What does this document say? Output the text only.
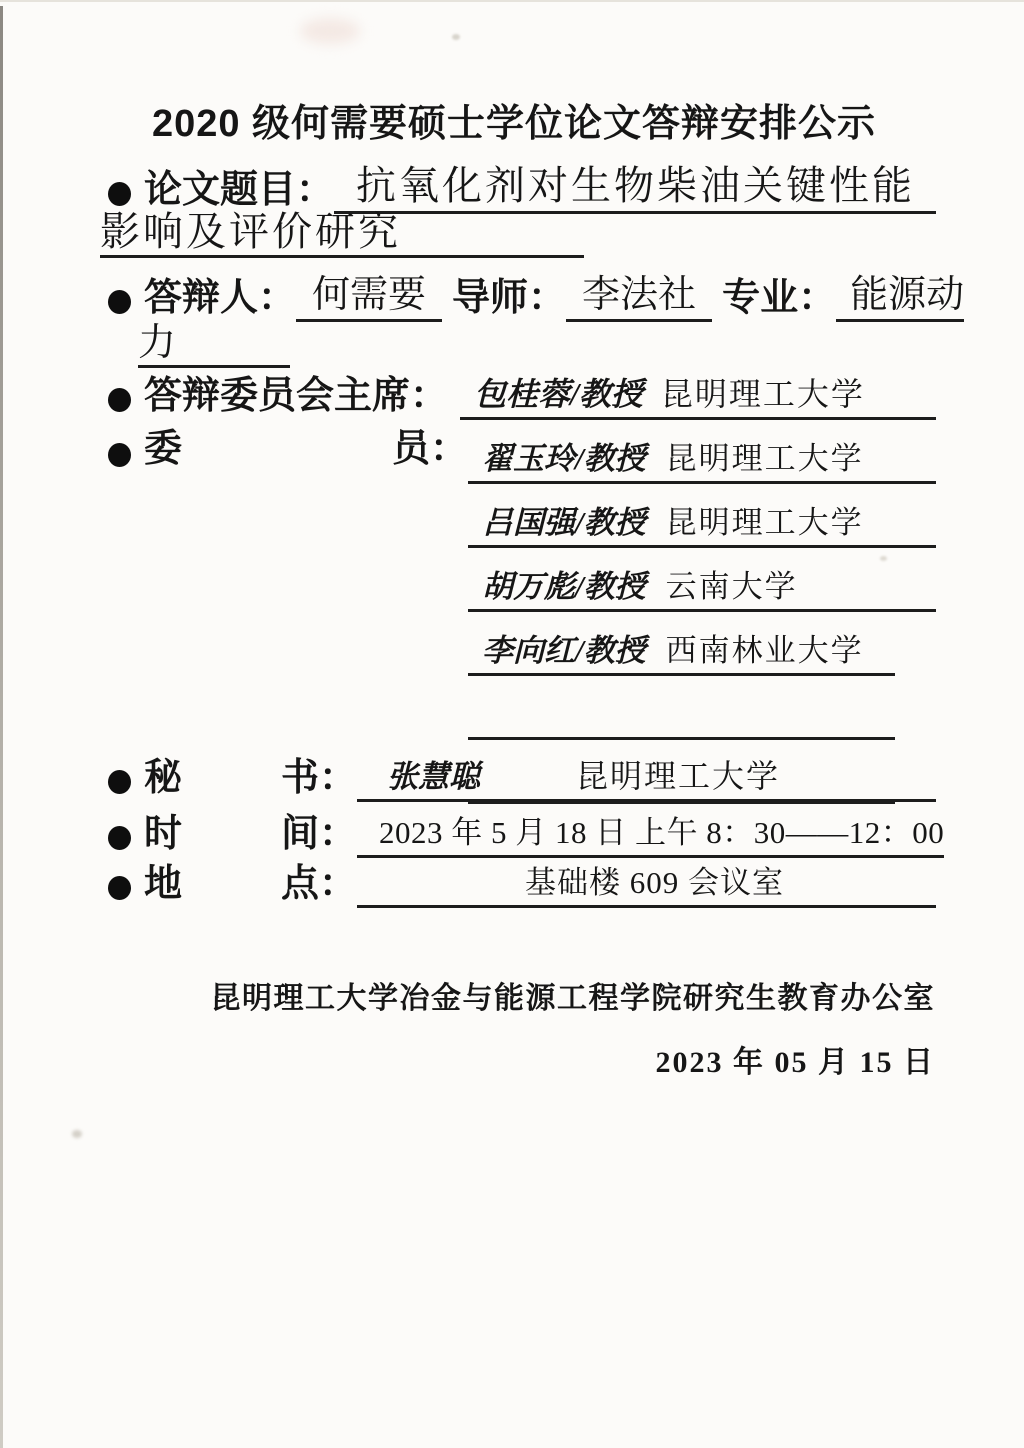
2020 级何需要硕士学位论文答辩安排公示
论文题目： 抗氧化剂对生物柴油关键性能
影响及评价研究
答辩人： 何需要 导师： 李法社 专业： 能源动
力
答辩委员会主席： 包桂蓉/教授 昆明理工大学
委	员： 翟玉玲/教授 昆明理工大学
吕国强/教授 昆明理工大学
胡万彪/教授 云南大学
李向红/教授 西南林业大学
秘	书： 张慧聪	昆明理工大学
时	间： 2023 年 5 月 18 日 上午 8：30——12：00
地	点：	基础楼 609 会议室
昆明理工大学冶金与能源工程学院研究生教育办公室
2023 年 05 月 15 日
